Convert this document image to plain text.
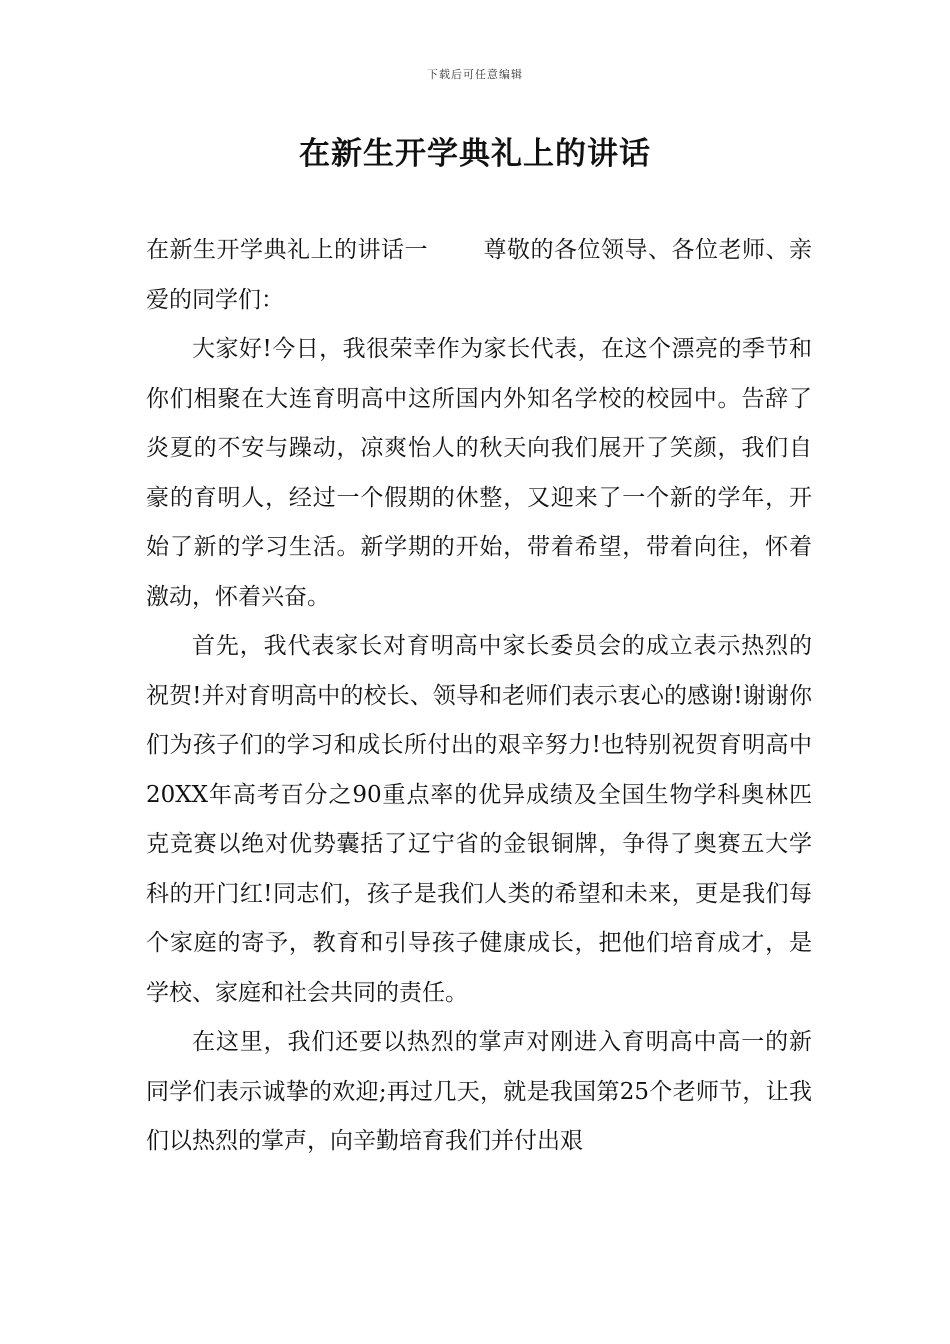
下载后可任意编辑
在新生开学典礼上的讲话

在新生开学典礼上的讲话一 尊敬的各位领导、各位老师、亲爱的同学们：

大家好!今日，我很荣幸作为家长代表，在这个漂亮的季节和你们相聚在大连育明高中这所国内外知名学校的校园中。告辞了炎夏的不安与躁动，凉爽怡人的秋天向我们展开了笑颜，我们自豪的育明人，经过一个假期的休整，又迎来了一个新的学年，开始了新的学习生活。新学期的开始，带着希望，带着向往，怀着激动，怀着兴奋。

首先，我代表家长对育明高中家长委员会的成立表示热烈的祝贺!并对育明高中的校长、领导和老师们表示衷心的感谢!谢谢你们为孩子们的学习和成长所付出的艰辛努力!也特别祝贺育明高中20XX年高考百分之90重点率的优异成绩及全国生物学科奥林匹克竞赛以绝对优势囊括了辽宁省的金银铜牌，争得了奥赛五大学科的开门红!同志们，孩子是我们人类的希望和未来，更是我们每个家庭的寄予，教育和引导孩子健康成长，把他们培育成才，是学校、家庭和社会共同的责任。

在这里，我们还要以热烈的掌声对刚进入育明高中高一的新同学们表示诚挚的欢迎;再过几天，就是我国第25个老师节，让我们以热烈的掌声，向辛勤培育我们并付出艰
